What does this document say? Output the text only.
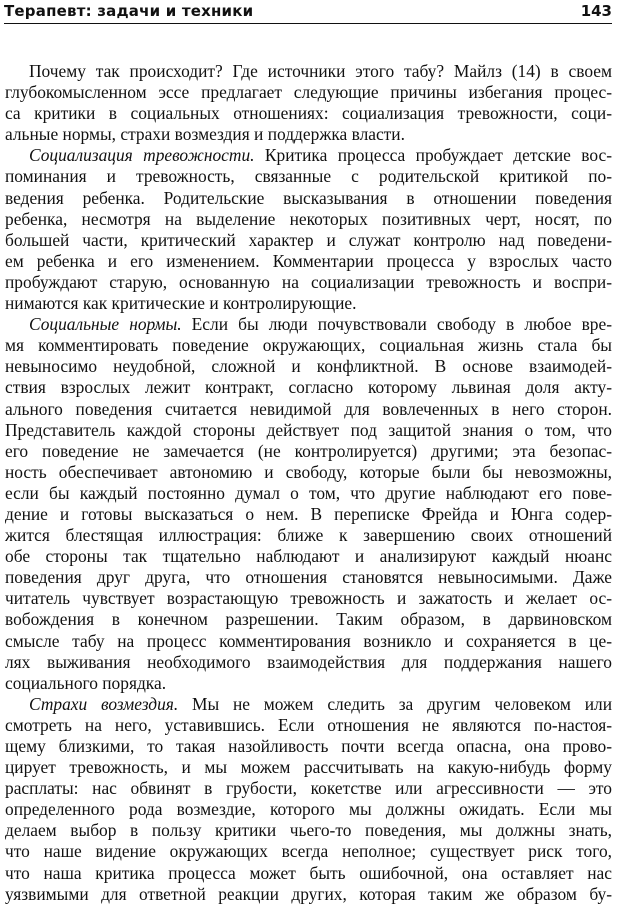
Терапевт: задачи и техники	143
Почему так происходит? Где источники этого табу? Майлз (14) в своем
глубокомысленном эссе предлагает следующие причины избегания процес-
са критики в социальных отношениях: социализация тревожности, соци-
альные нормы, страхи возмездия и поддержка власти.
Социализация тревожности. Критика процесса пробуждает детские вос-
поминания и тревожность, связанные с родительской критикой по-
ведения ребенка. Родительские высказывания в отношении поведения
ребенка, несмотря на выделение некоторых позитивных черт, носят, по
большей части, критический характер и служат контролю над поведени-
ем ребенка и его изменением. Комментарии процесса у взрослых часто
пробуждают старую, основанную на социализации тревожность и воспри-
нимаются как критические и контролирующие.
Социальные нормы. Если бы люди почувствовали свободу в любое вре-
мя комментировать поведение окружающих, социальная жизнь стала бы
невыносимо неудобной, сложной и конфликтной. В основе взаимодей-
ствия взрослых лежит контракт, согласно которому львиная доля акту-
ального поведения считается невидимой для вовлеченных в него сторон.
Представитель каждой стороны действует под защитой знания о том, что
его поведение не замечается (не контролируется) другими; эта безопас-
ность обеспечивает автономию и свободу, которые были бы невозможны,
если бы каждый постоянно думал о том, что другие наблюдают его пове-
дение и готовы высказаться о нем. В переписке Фрейда и Юнга содер-
жится блестящая иллюстрация: ближе к завершению своих отношений
обе стороны так тщательно наблюдают и анализируют каждый нюанс
поведения друг друга, что отношения становятся невыносимыми. Даже
читатель чувствует возрастающую тревожность и зажатость и желает ос-
вобождения в конечном разрешении. Таким образом, в дарвиновском
смысле табу на процесс комментирования возникло и сохраняется в це-
лях выживания необходимого взаимодействия для поддержания нашего
социального порядка.
Страхи возмездия. Мы не можем следить за другим человеком или
смотреть на него, уставившись. Если отношения не являются по-настоя-
щему близкими, то такая назойливость почти всегда опасна, она прово-
цирует тревожность, и мы можем рассчитывать на какую-нибудь форму
расплаты: нас обвинят в грубости, кокетстве или агрессивности — это
определенного рода возмездие, которого мы должны ожидать. Если мы
делаем выбор в пользу критики чьего-то поведения, мы должны знать,
что наше видение окружающих всегда неполное; существует риск того,
что наша критика процесса может быть ошибочной, она оставляет нас
уязвимыми для ответной реакции других, которая таким же образом бу-
